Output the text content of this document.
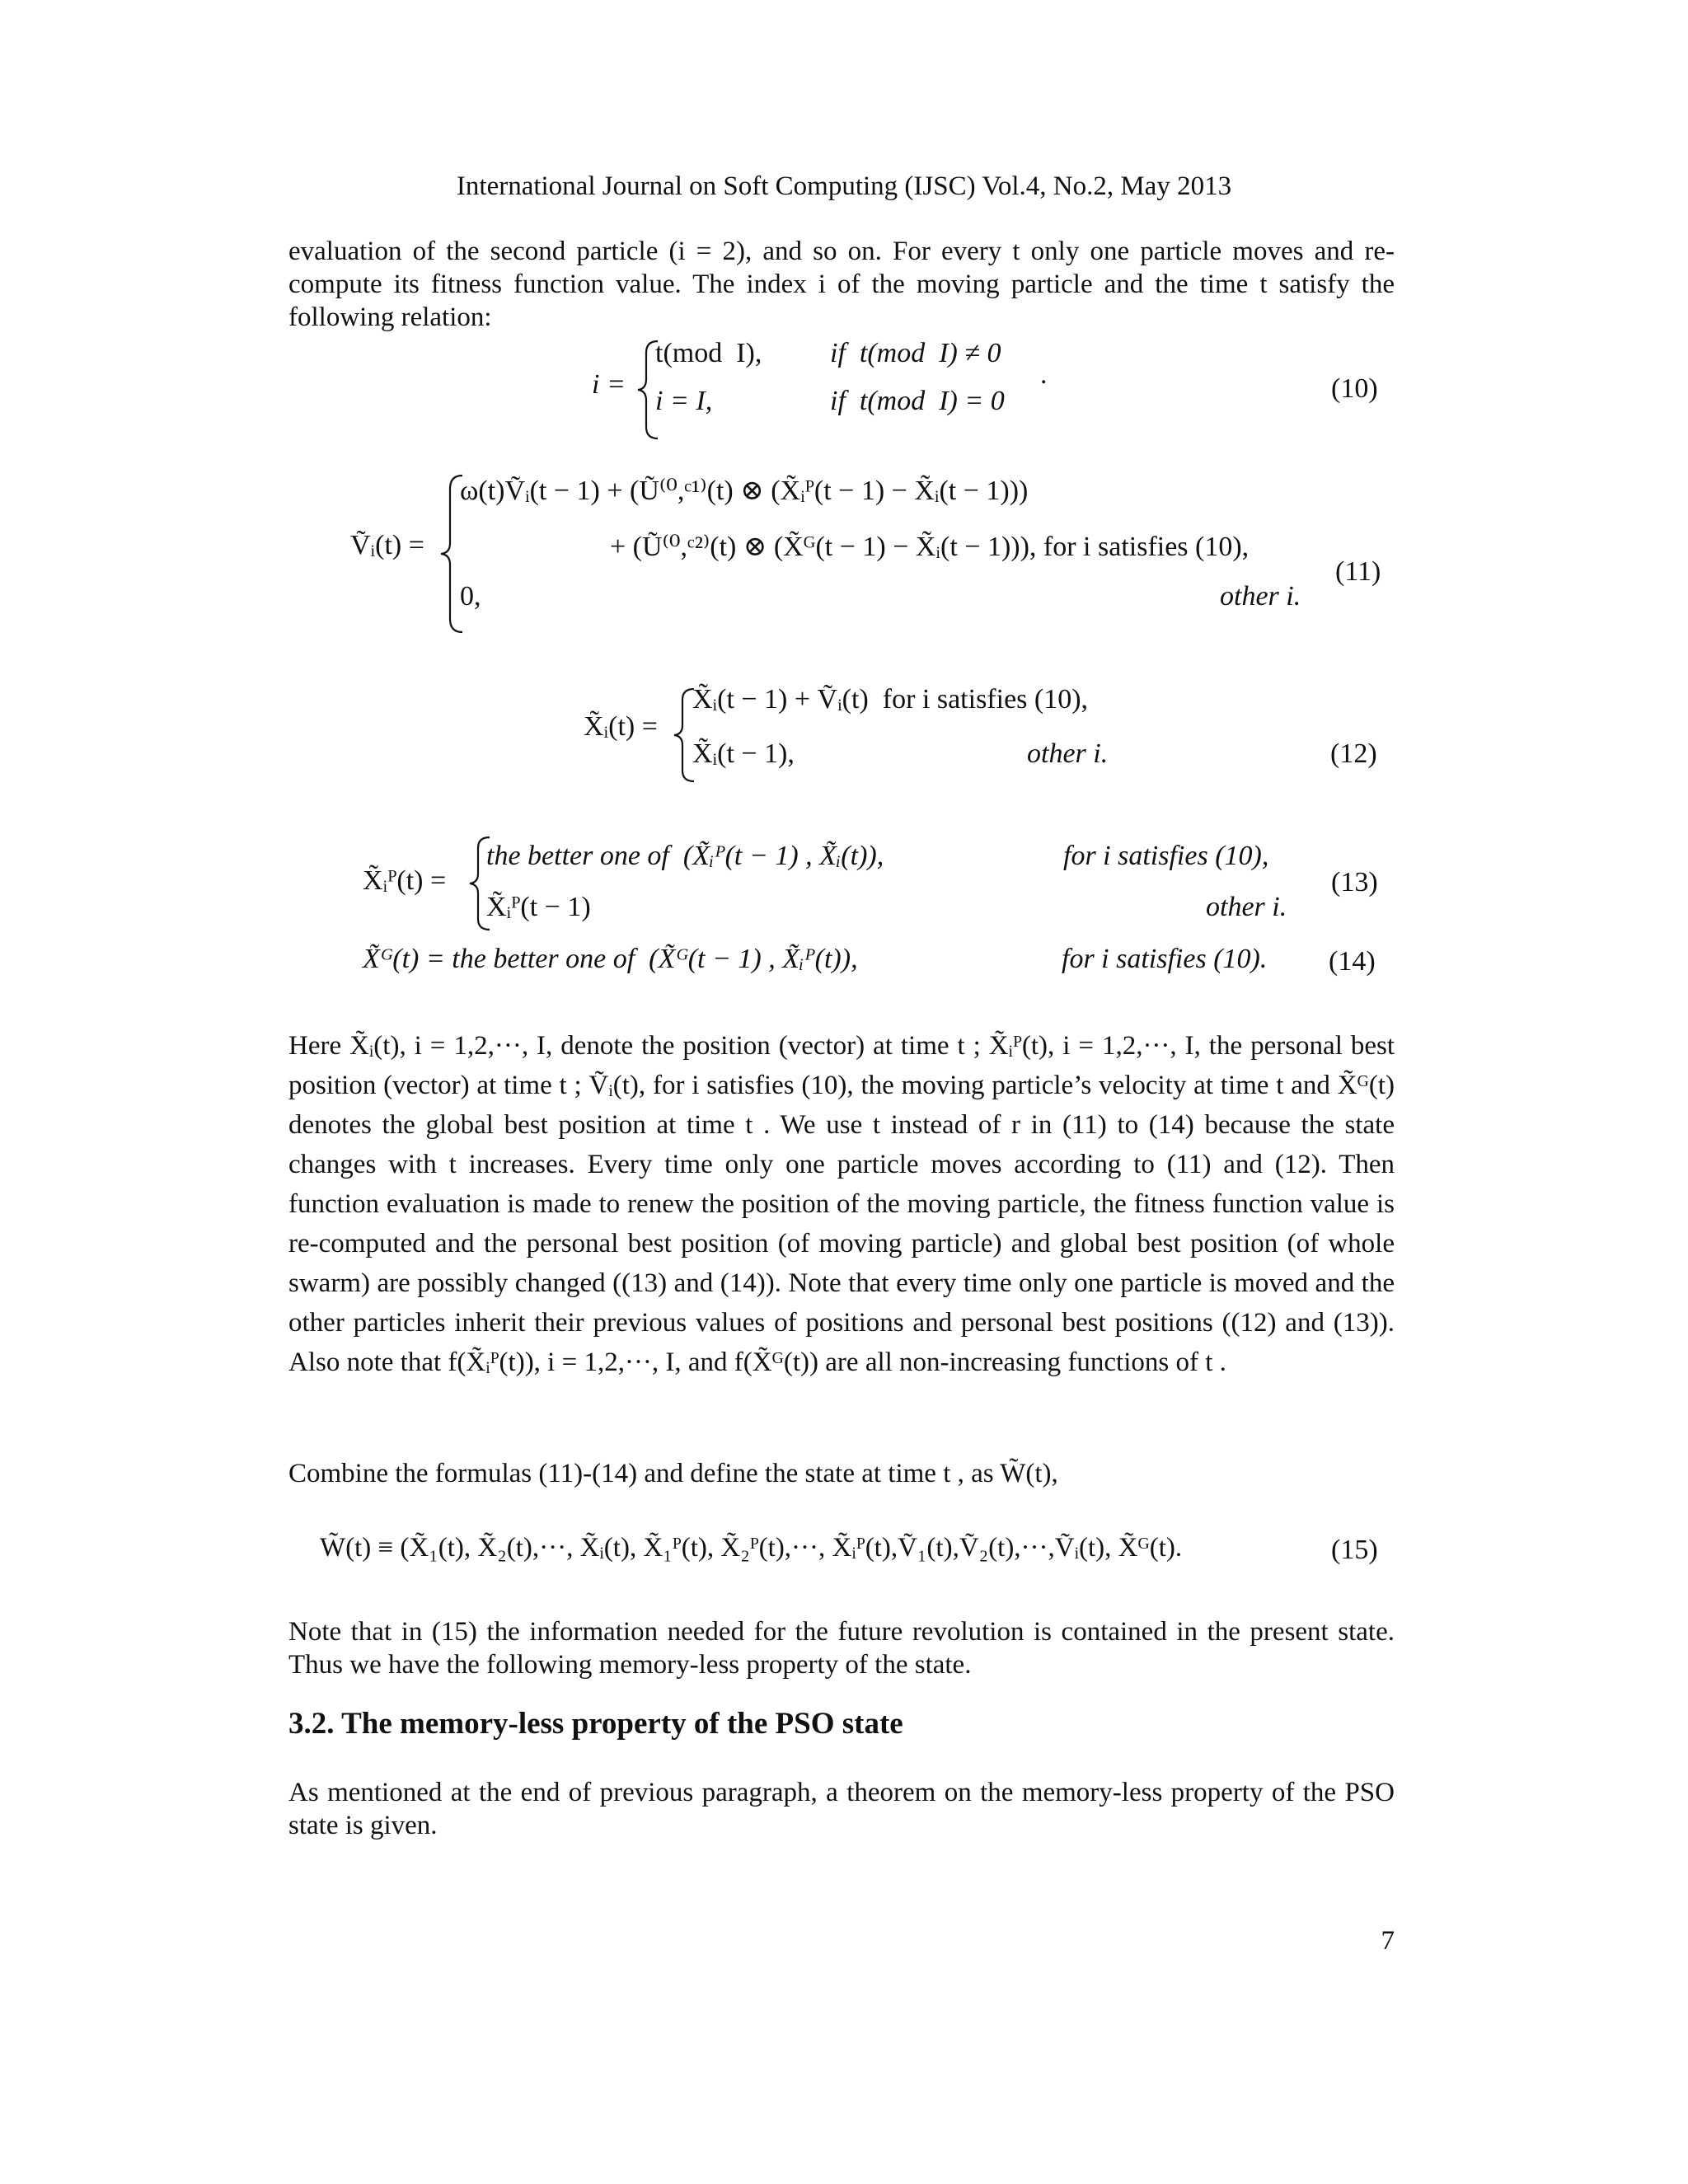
International Journal on Soft Computing (IJSC) Vol.4, No.2, May 2013
evaluation of the second particle (i = 2), and so on. For every t only one particle moves and re-compute its fitness function value. The index i of the moving particle and the time t satisfy the following relation:
i =
t(mod  I), if  t(mod  I) ≠ 0
i = I,	if  t(mod  I) = 0
.	(10)
Ṽᵢ(t) =
ω(t)Ṽᵢ(t − 1) + (Ũ⁽⁰,ᶜ¹⁾(t) ⊗ (X̃ᵢᴾ(t − 1) − X̃ᵢ(t − 1)))
+ (Ũ⁽⁰,ᶜ²⁾(t) ⊗ (X̃ᴳ(t − 1) − X̃ᵢ(t − 1))), for i satisfies (10),
0,	other i.
(11)
X̃ᵢ(t) =
X̃ᵢ(t − 1) + Ṽᵢ(t)  for i satisfies (10),
X̃ᵢ(t − 1),	other i.	(12)
X̃ᵢᴾ(t) =
the better one of  (X̃ᵢᴾ(t − 1) , X̃ᵢ(t)),	for i satisfies (10),
X̃ᵢᴾ(t − 1)	other i.
(13)
X̃ᴳ(t) = the better one of  (X̃ᴳ(t − 1) , X̃ᵢᴾ(t)),	for i satisfies (10). (14)
Here X̃ᵢ(t), i = 1,2,···, I, denote the position (vector) at time t ; X̃ᵢᴾ(t), i = 1,2,···, I, the personal best position (vector) at time t ; Ṽᵢ(t), for i satisfies (10), the moving particle’s velocity at time t and X̃ᴳ(t) denotes the global best position at time t . We use t instead of r in (11) to (14) because the state changes with t increases. Every time only one particle moves according to (11) and (12). Then function evaluation is made to renew the position of the moving particle, the fitness function value is re-computed and the personal best position (of moving particle) and global best position (of whole swarm) are possibly changed ((13) and (14)). Note that every time only one particle is moved and the other particles inherit their previous values of positions and personal best positions ((12) and (13)). Also note that f(X̃ᵢᴾ(t)), i = 1,2,···, I, and f(X̃ᴳ(t)) are all non-increasing functions of t .
Combine the formulas (11)-(14) and define the state at time t , as W̃(t),
W̃(t) ≡ (X̃₁(t), X̃₂(t),···, X̃ᵢ(t), X̃₁ᴾ(t), X̃₂ᴾ(t),···, X̃ᵢᴾ(t),Ṽ₁(t),Ṽ₂(t),···,Ṽᵢ(t), X̃ᴳ(t).	(15)
Note that in (15) the information needed for the future revolution is contained in the present state. Thus we have the following memory-less property of the state.
3.2. The memory-less property of the PSO state
As mentioned at the end of previous paragraph, a theorem on the memory-less property of the PSO state is given.
7
